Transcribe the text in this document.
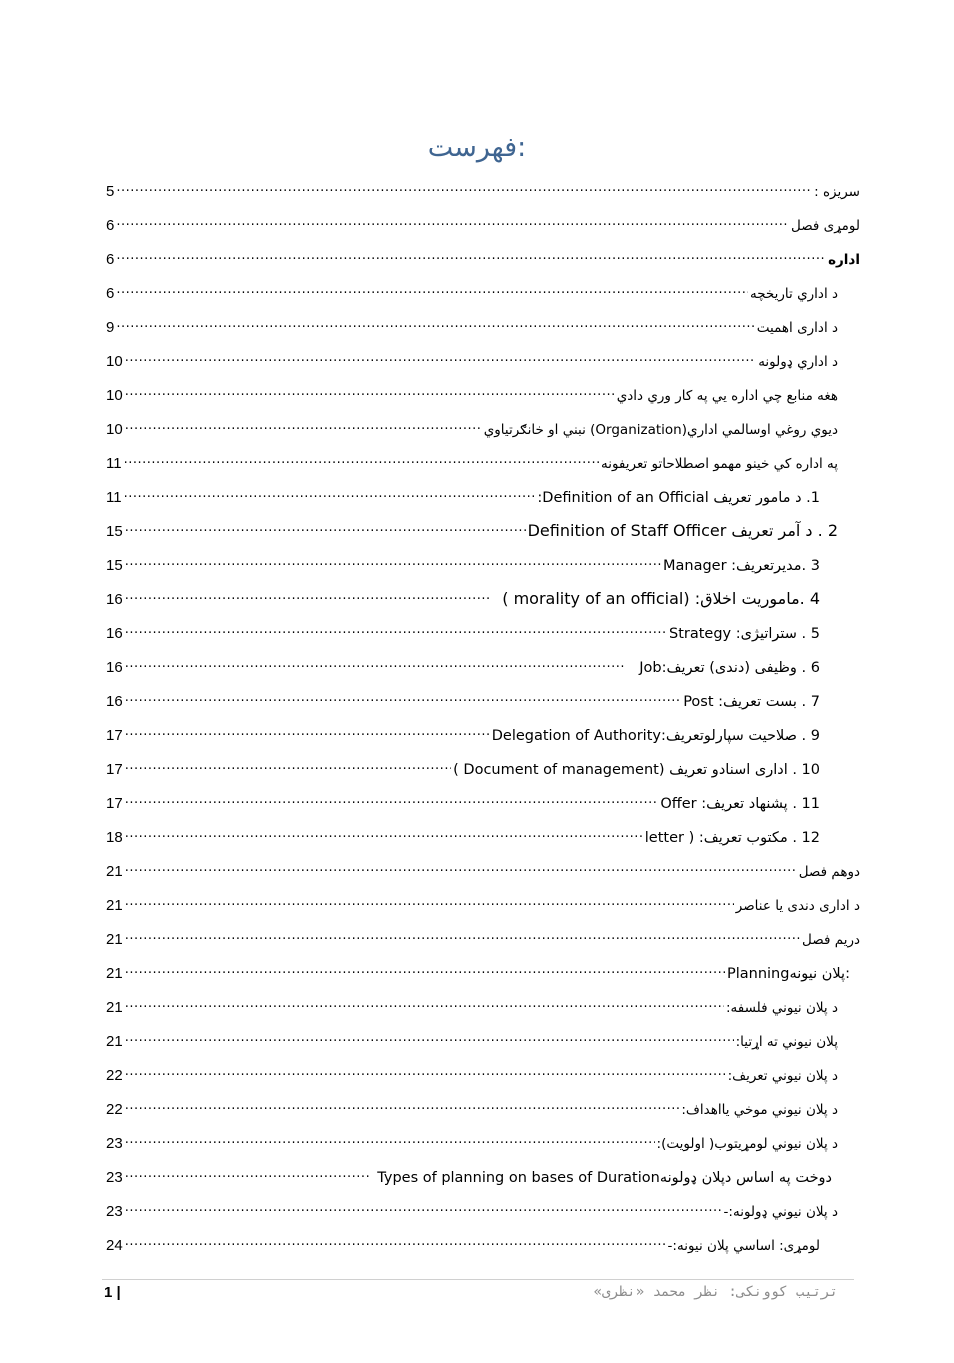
فهرست:
5 .....	سریزه :
6 .....	لومړی فصل
6 .....	اداره
6 .....	د اداري تاريخچه
9 .....	د اداری اهمیت
10 .....	د اداري ډولونه
10 .....	هغه منابع چي اداره يي په كار وري دادي
10 .....	ديوي روغي اوسالمي اداري(Organization) نبني او خانګرتياوي
11 .....	په اداره كي خينو مهمو اصطلاحاتو تعريفونه
11 .....	1. د مامور تعریف Definition of an Official:
15 .....	2 . د آمر تعریف Definition of Staff Officer
15 .....	3 .مدیرتعریف: Manager
16 .....	4 .ماموریت اخلاق: (morality of an official )
16 .....	5 . ستراتیژی: Strategy
16 .....	6 . وظیفی (دندی) تعریف:Job
16 .....	7 . بست تعریف: Post
17 .....	9 . صلاحیت سپارلوتعریف:Delegation of Authority
17 .....	10 . اداری اسنادو تعریف (Document of management )
17 .....	11 . پشنهاد تعریف: Offer
18 .....	12 . مکتوب تعریف: ( letter
21 .....	دوهم فصل
21 .....	د اداری دندی یا عناصر
21 .....	دريم فصل
21 .....	Planningپلان نيونه:
21 .....	د پلان نيوني فلسفه:
21 .....	پلان نيوني ته اړتيا:
22 .....	د پلان نيوني تعريف:
22 .....	د پلان نيوني موخي يااهداف:
23 .....	د پلان نيوني لومړيتوب( اولويت):
23 .....	Types of planning on bases of Durationدوخت په اساس دپلان ډولونه
23 .....	د پلان نيوني ډولونه:-
24 .....	لومړی: اساسي پلان نيونه:-
1 |	ترتیب کوونکی: نظر محمد «نظری»
